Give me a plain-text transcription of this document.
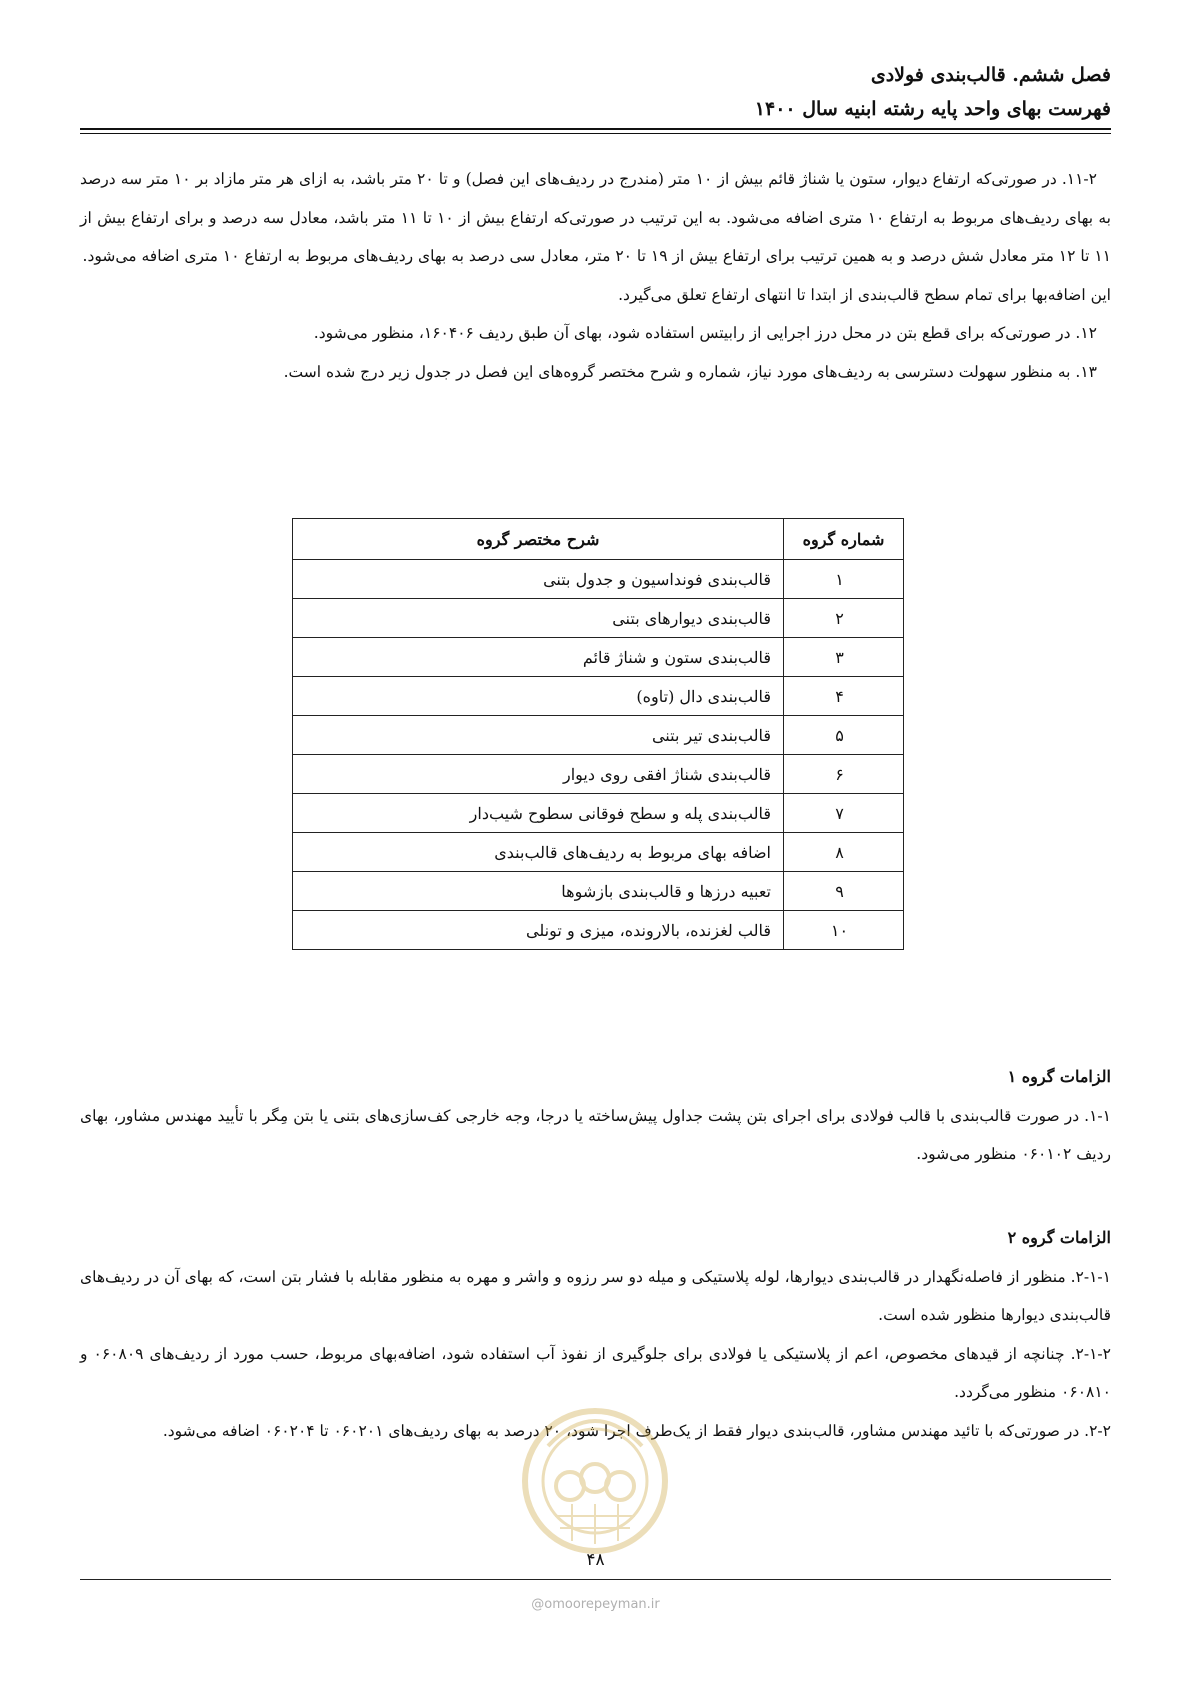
فصل ششم. قالب‌بندی فولادی
فهرست بهای واحد پایه رشته ابنیه سال ۱۴۰۰

۱۱-۲. در صورتی‌که ارتفاع دیوار، ستون یا شناژ قائم بیش از ۱۰ متر (مندرج در ردیف‌های این فصل) و تا ۲۰ متر باشد، به ازای هر متر مازاد بر ۱۰ متر سه درصد به بهای ردیف‌های مربوط به ارتفاع ۱۰ متری اضافه می‌شود. به این ترتیب در صورتی‌که ارتفاع بیش از ۱۰ تا ۱۱ متر باشد، معادل سه درصد و برای ارتفاع بیش از ۱۱ تا ۱۲ متر معادل شش درصد و به همین ترتیب برای ارتفاع بیش از ۱۹ تا ۲۰ متر، معادل سی درصد به بهای ردیف‌های مربوط به ارتفاع ۱۰ متری اضافه می‌شود.

این اضافه‌بها برای تمام سطح قالب‌بندی از ابتدا تا انتهای ارتفاع تعلق می‌گیرد.

۱۲. در صورتی‌که برای قطع بتن در محل درز اجرایی از رابیتس استفاده شود، بهای آن طبق ردیف ۱۶۰۴۰۶، منظور می‌شود.

۱۳. به منظور سهولت دسترسی به ردیف‌های مورد نیاز، شماره و شرح مختصر گروه‌های این فصل در جدول زیر درج شده است.

شماره گروه	شرح مختصر گروه
۱	قالب‌بندی فونداسیون و جدول بتنی
۲	قالب‌بندی دیوارهای بتنی
۳	قالب‌بندی ستون و شناژ قائم
۴	قالب‌بندی دال (تاوه)
۵	قالب‌بندی تیر بتنی
۶	قالب‌بندی شناژ افقی روی دیوار
۷	قالب‌بندی پله و سطح فوقانی سطوح شیب‌دار
۸	اضافه بهای مربوط به ردیف‌های قالب‌بندی
۹	تعبیه درزها و قالب‌بندی بازشوها
۱۰	قالب لغزنده، بالارونده، میزی و تونلی

الزامات گروه ۱

۱-۱. در صورت قالب‌بندی با قالب فولادی برای اجرای بتن پشت جداول پیش‌ساخته یا درجا، وجه خارجی کف‌سازی‌های بتنی یا بتن مِگر با تأیید مهندس مشاور، بهای ردیف ۰۶۰۱۰۲ منظور می‌شود.

الزامات گروه ۲

۲-۱-۱. منظور از فاصله‌نگهدار در قالب‌بندی دیوارها، لوله پلاستیکی و میله دو سر رزوه و واشر و مهره به منظور مقابله با فشار بتن است، که بهای آن در ردیف‌های قالب‌بندی دیوارها منظور شده است.

۲-۱-۲. چنانچه از قیدهای مخصوص، اعم از پلاستیکی یا فولادی برای جلوگیری از نفوذ آب استفاده شود، اضافه‌بهای مربوط، حسب مورد از ردیف‌های ۰۶۰۸۰۹ و ۰۶۰۸۱۰ منظور می‌گردد.

۲-۲. در صورتی‌که با تائید مهندس مشاور، قالب‌بندی دیوار فقط از یک‌طرف اجرا شود، ۲۰ درصد به بهای ردیف‌های ۰۶۰۲۰۱ تا ۰۶۰۲۰۴ اضافه می‌شود.

۴۸
@omoorepeyman.ir
